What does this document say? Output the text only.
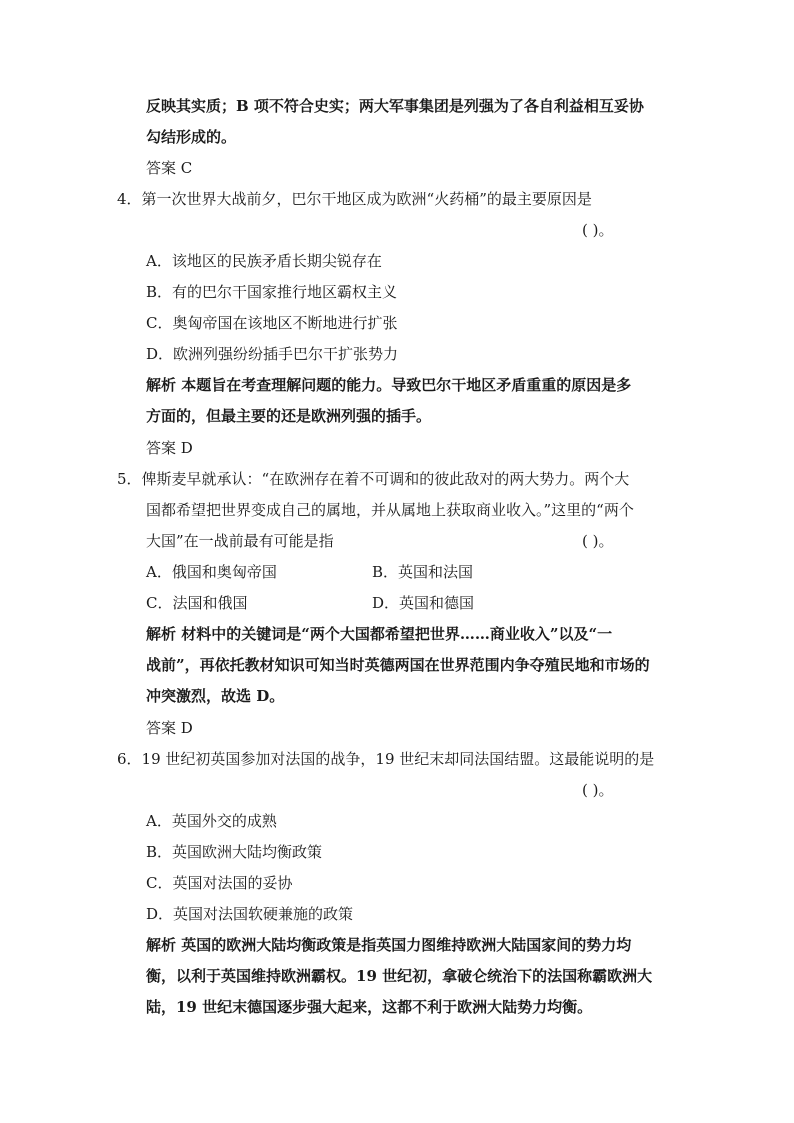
反映其实质；B 项不符合史实；两大军事集团是列强为了各自利益相互妥协
勾结形成的。
答案 C
4．第一次世界大战前夕，巴尔干地区成为欧洲“火药桶”的最主要原因是
( )。
A．该地区的民族矛盾长期尖锐存在
B．有的巴尔干国家推行地区霸权主义
C．奥匈帝国在该地区不断地进行扩张
D．欧洲列强纷纷插手巴尔干扩张势力
解析 本题旨在考查理解问题的能力。导致巴尔干地区矛盾重重的原因是多
方面的，但最主要的还是欧洲列强的插手。
答案 D
5．俾斯麦早就承认：“在欧洲存在着不可调和的彼此敌对的两大势力。两个大
国都希望把世界变成自己的属地，并从属地上获取商业收入。”这里的“两个
大国”在一战前最有可能是指	( )。
A．俄国和奥匈帝国	B．英国和法国
C．法国和俄国	D．英国和德国
解析 材料中的关键词是“两个大国都希望把世界……商业收入”以及“一
战前”，再依托教材知识可知当时英德两国在世界范围内争夺殖民地和市场的
冲突激烈，故选 D。
答案 D
6．19 世纪初英国参加对法国的战争，19 世纪末却同法国结盟。这最能说明的是
( )。
A．英国外交的成熟
B．英国欧洲大陆均衡政策
C．英国对法国的妥协
D．英国对法国软硬兼施的政策
解析 英国的欧洲大陆均衡政策是指英国力图维持欧洲大陆国家间的势力均
衡，以利于英国维持欧洲霸权。19 世纪初，拿破仑统治下的法国称霸欧洲大
陆，19 世纪末德国逐步强大起来，这都不利于欧洲大陆势力均衡。
